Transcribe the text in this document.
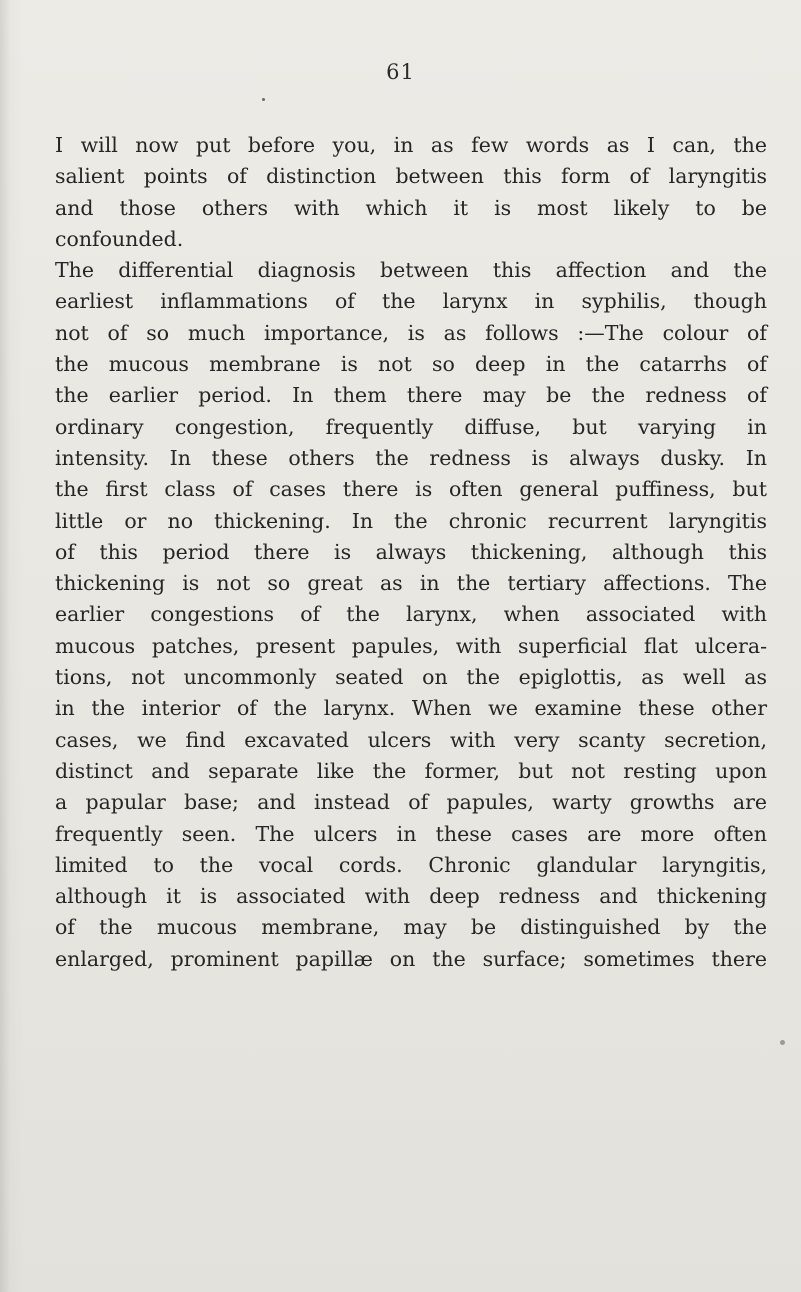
61
I will now put before you, in as few words as I can, the
salient points of distinction between this form of laryngitis
and those others with which it is most likely to be
confounded.
The differential diagnosis between this affection and the
earliest inflammations of the larynx in syphilis, though
not of so much importance, is as follows :—The colour of
the mucous membrane is not so deep in the catarrhs of
the earlier period. In them there may be the redness of
ordinary congestion, frequently diffuse, but varying in
intensity. In these others the redness is always dusky. In
the first class of cases there is often general puffiness, but
little or no thickening. In the chronic recurrent laryngitis
of this period there is always thickening, although this
thickening is not so great as in the tertiary affections. The
earlier congestions of the larynx, when associated with
mucous patches, present papules, with superficial flat ulcera-
tions, not uncommonly seated on the epiglottis, as well as
in the interior of the larynx. When we examine these other
cases, we find excavated ulcers with very scanty secretion,
distinct and separate like the former, but not resting upon
a papular base; and instead of papules, warty growths are
frequently seen. The ulcers in these cases are more often
limited to the vocal cords. Chronic glandular laryngitis,
although it is associated with deep redness and thickening
of the mucous membrane, may be distinguished by the
enlarged, prominent papillæ on the surface; sometimes there
